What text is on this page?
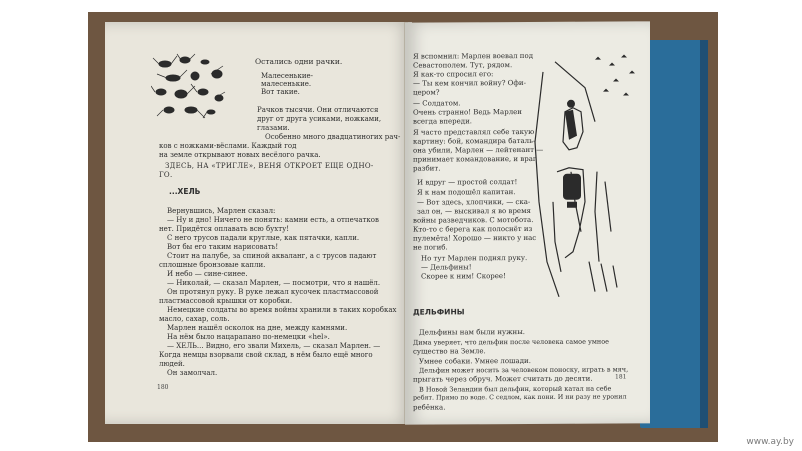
Остались одни рачки.
Малесенькие-
малесенькие.
Вот такие.
Рачков тысячи. Они отличаются
друг от друга усиками, ножками,
глазами.
Особенно много двадцатиногих рач-
ков с ножками-вёслами. Каждый год
на земле открывают новых весёлого рачка.
ЗДЕСЬ, НА «ТРИГЛЕ», ВЕНЯ ОТКРОЕТ ЕЩЕ ОДНО-
ГО.
...ХЕЛЬ
Вернувшись, Марлен сказал:
— Ну и дно! Ничего не понять: камни есть, а отпечатков
нет. Придётся оплавать всю бухту!
С него трусов падали круглые, как пятачки, капли.
Вот бы его таким нарисовать!
Стоит на палубе, за спиной акваланг, а с трусов падают
сплошные бронзовые капли.
И небо — сине-синее.
— Николай, — сказал Марлен, — посмотри, что я нашёл.
Он протянул руку. В руке лежал кусочек пластмассовой
пластмассовой крышки от коробки.
Немецкие солдаты во время войны хранили в таких коробках
масло, сахар, соль.
Марлен нашёл осколок на дне, между камнями.
На нём было нацарапано по-немецки «hel».
— ХЕЛЬ... Видно, его звали Михель, — сказал Марлен. —
Когда немцы взорвали свой склад, в нём было ещё много
людей.
Он замолчал.
180
Я вспомнил: Марлен воевал под
Севастополем. Тут, рядом.
Я как-то спросил его:
— Ты кем кончил войну? Офи-
цером?
— Солдатом.
Очень странно! Ведь Марлен
всегда впереди.
Я часто представлял себе такую
картину: бой, командира баталь-
она убили, Марлен — лейтенант —
принимает командование, и враг
разбит.
И вдруг — простой солдат!
Я к нам подошёл капитан.
— Вот здесь, хлопчики, — ска-
зал он, — выскивал я во время
войны разведчиков. С мотобота.
Кто-то с берега как полоснёт из
пулемёта! Хорошо — никто у нас
не погиб.
Но тут Марлен поднял руку.
— Дельфины!
Скорее к ним! Скорее!
ДЕЛЬФИНЫ
Дельфины нам были нужны.
Дима уверяет, что дельфин после человека самое умное
существо на Земле.
Умнее собаки. Умнее лошади.
Дельфин может носить за человеком поноску, играть в мяч,
прыгать через обруч. Может считать до десяти.
В Новой Зеландии был дельфин, который катал на себе
ребят. Прямо по воде. С седлом, как пони. И ни разу не уронил
ребёнка.
181
www.ay.by
